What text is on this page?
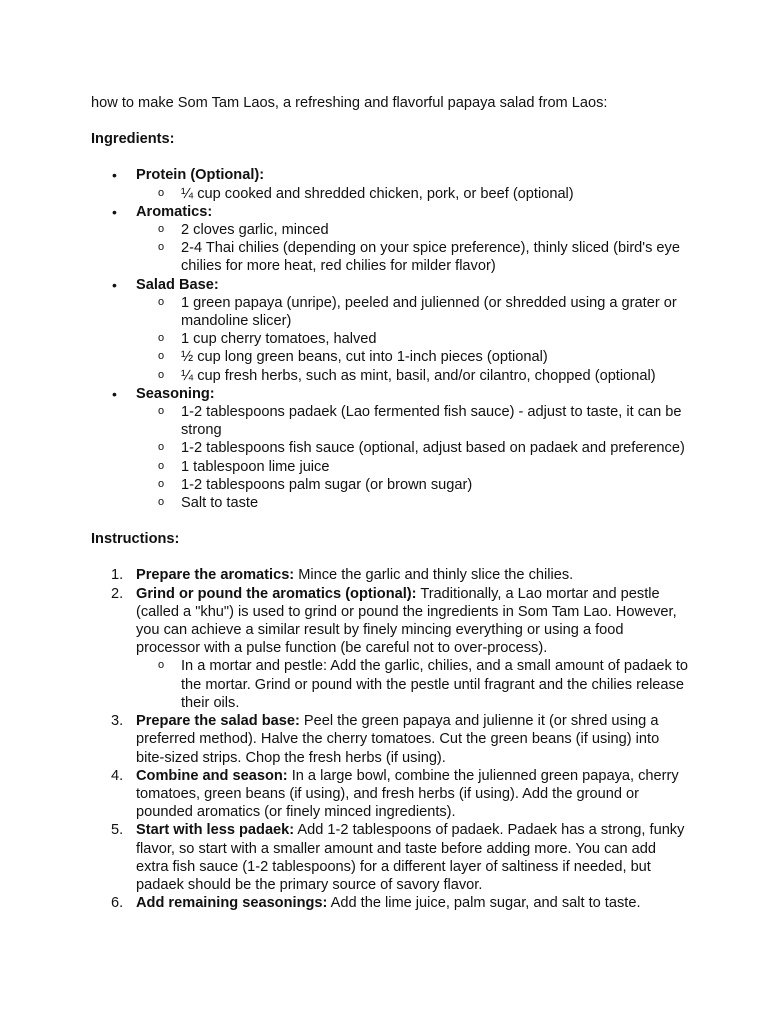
how to make Som Tam Laos, a refreshing and flavorful papaya salad from Laos:

Ingredients:
• Protein (Optional):
o ¼ cup cooked and shredded chicken, pork, or beef (optional)
• Aromatics:
o 2 cloves garlic, minced
o 2-4 Thai chilies (depending on your spice preference), thinly sliced (bird's eye chilies for more heat, red chilies for milder flavor)
• Salad Base:
o 1 green papaya (unripe), peeled and julienned (or shredded using a grater or mandoline slicer)
o 1 cup cherry tomatoes, halved
o ½ cup long green beans, cut into 1-inch pieces (optional)
o ¼ cup fresh herbs, such as mint, basil, and/or cilantro, chopped (optional)
• Seasoning:
o 1-2 tablespoons padaek (Lao fermented fish sauce) - adjust to taste, it can be strong
o 1-2 tablespoons fish sauce (optional, adjust based on padaek and preference)
o 1 tablespoon lime juice
o 1-2 tablespoons palm sugar (or brown sugar)
o Salt to taste
Instructions:
1. Prepare the aromatics: Mince the garlic and thinly slice the chilies.
2. Grind or pound the aromatics (optional): Traditionally, a Lao mortar and pestle (called a "khu") is used to grind or pound the ingredients in Som Tam Lao. However, you can achieve a similar result by finely mincing everything or using a food processor with a pulse function (be careful not to over-process).
o In a mortar and pestle: Add the garlic, chilies, and a small amount of padaek to the mortar. Grind or pound with the pestle until fragrant and the chilies release their oils.
3. Prepare the salad base: Peel the green papaya and julienne it (or shred using a preferred method). Halve the cherry tomatoes. Cut the green beans (if using) into bite-sized strips. Chop the fresh herbs (if using).
4. Combine and season: In a large bowl, combine the julienned green papaya, cherry tomatoes, green beans (if using), and fresh herbs (if using). Add the ground or pounded aromatics (or finely minced ingredients).
5. Start with less padaek: Add 1-2 tablespoons of padaek. Padaek has a strong, funky flavor, so start with a smaller amount and taste before adding more. You can add extra fish sauce (1-2 tablespoons) for a different layer of saltiness if needed, but padaek should be the primary source of savory flavor.
6. Add remaining seasonings: Add the lime juice, palm sugar, and salt to taste.
